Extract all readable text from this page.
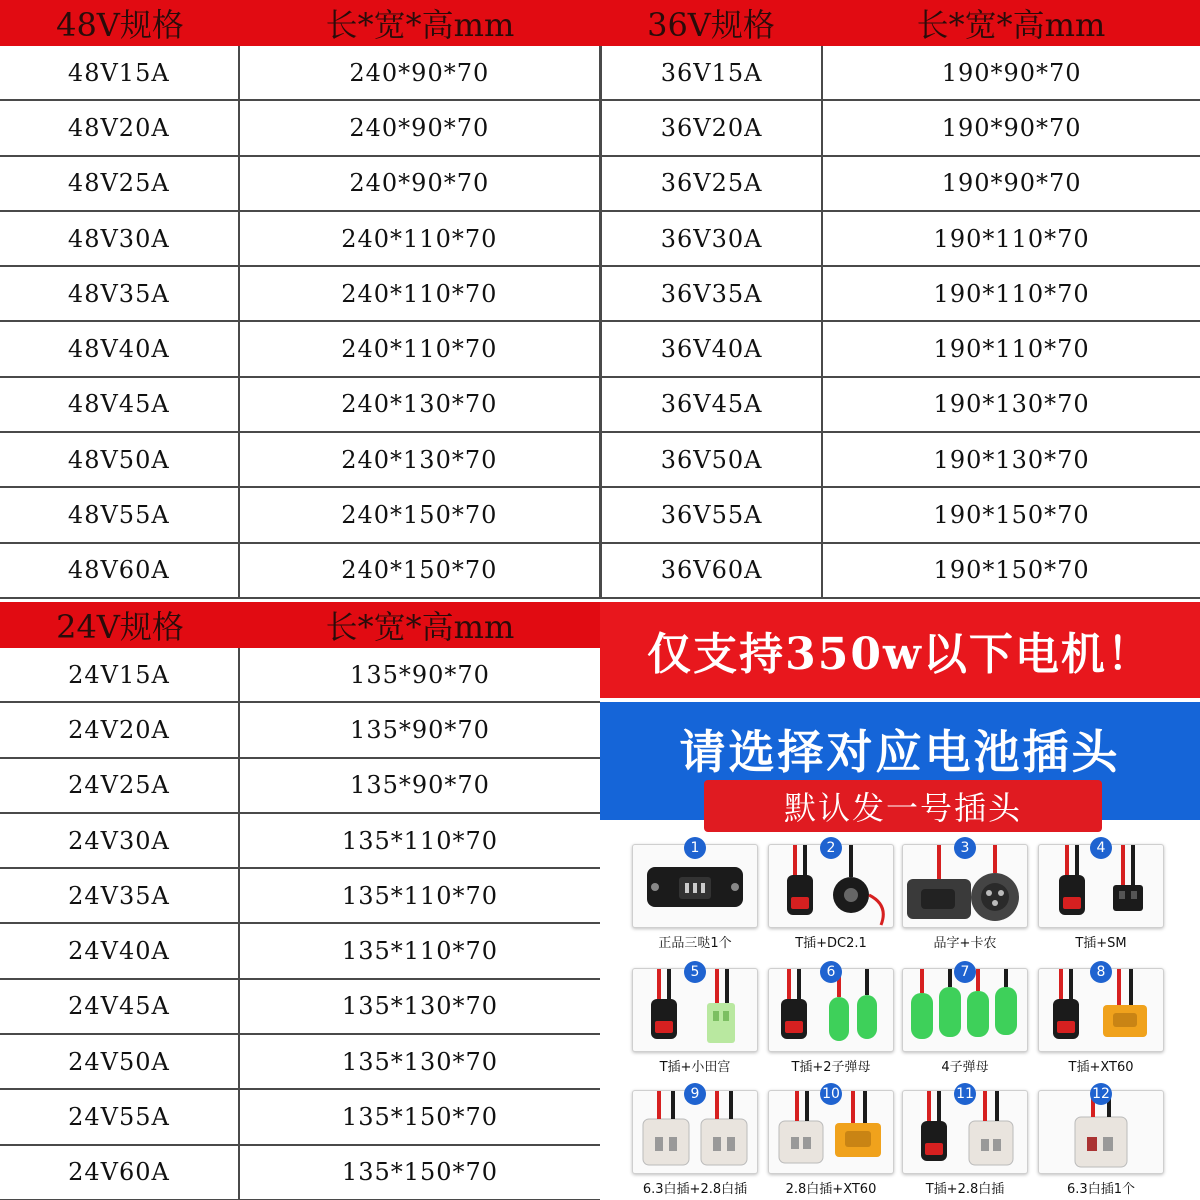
48V规格	长*宽*高mm
48V15A	240*90*70
48V20A	240*90*70
48V25A	240*90*70
48V30A	240*110*70
48V35A	240*110*70
48V40A	240*110*70
48V45A	240*130*70
48V50A	240*130*70
48V55A	240*150*70
48V60A	240*150*70
36V规格	长*宽*高mm
36V15A	190*90*70
36V20A	190*90*70
36V25A	190*90*70
36V30A	190*110*70
36V35A	190*110*70
36V40A	190*110*70
36V45A	190*130*70
36V50A	190*130*70
36V55A	190*150*70
36V60A	190*150*70
24V规格	长*宽*高mm
24V15A	135*90*70
24V20A	135*90*70
24V25A	135*90*70
24V30A	135*110*70
24V35A	135*110*70
24V40A	135*110*70
24V45A	135*130*70
24V50A	135*130*70
24V55A	135*150*70
24V60A	135*150*70
仅支持350w以下电机！
请选择对应电池插头
默认发一号插头
1
正品三哒1个
2
T插+DC2.1
3
品字+卡农
4
T插+SM
5
T插+小田宫
6
T插+2子弹母
7
4子弹母
8
T插+XT60
9
6.3白插+2.8白插
10
2.8白插+XT60
11
T插+2.8白插
12
6.3白插1个
